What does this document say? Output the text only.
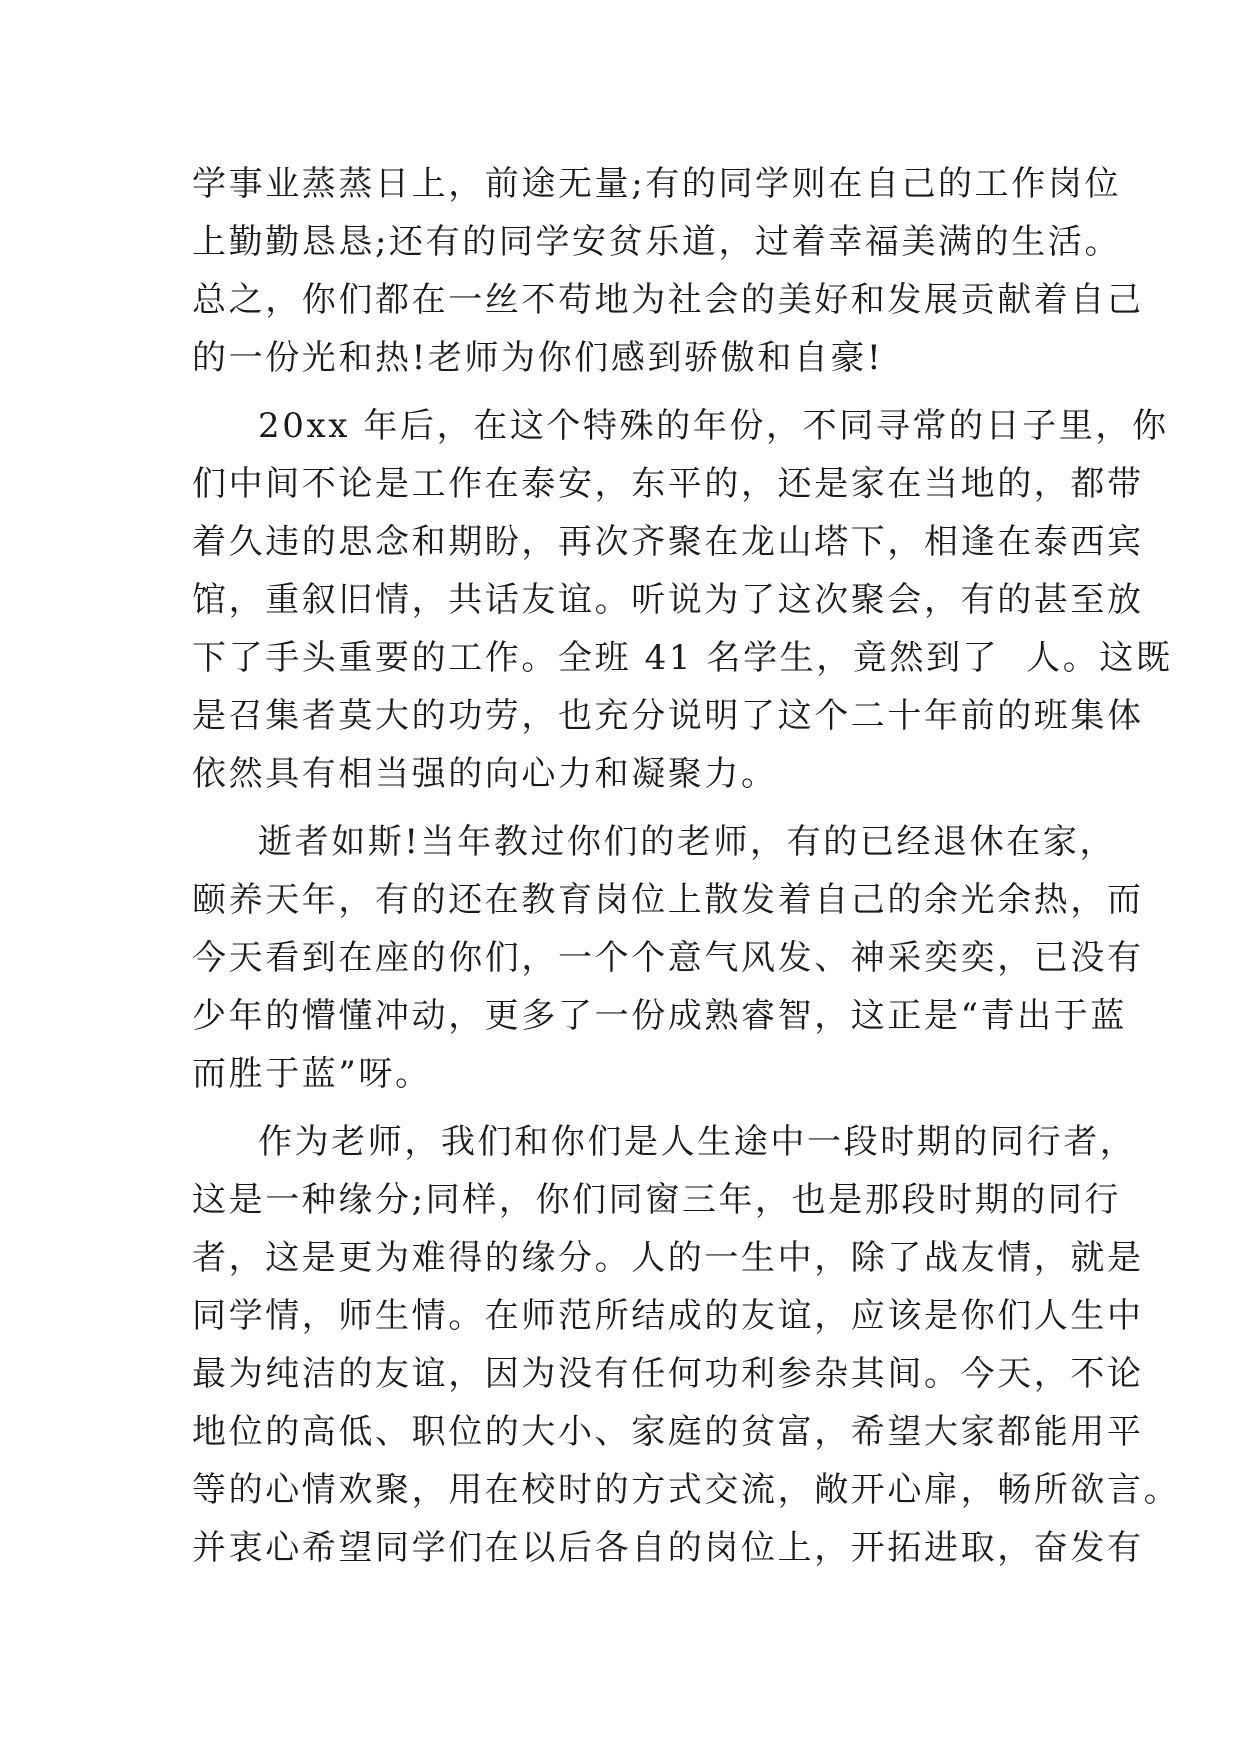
学事业蒸蒸日上，前途无量;有的同学则在自己的工作岗位
上勤勤恳恳;还有的同学安贫乐道，过着幸福美满的生活。
总之，你们都在一丝不苟地为社会的美好和发展贡献着自己
的一份光和热!老师为你们感到骄傲和自豪!
20xx 年后，在这个特殊的年份，不同寻常的日子里，你
们中间不论是工作在泰安，东平的，还是家在当地的，都带
着久违的思念和期盼，再次齐聚在龙山塔下，相逢在泰西宾
馆，重叙旧情，共话友谊。听说为了这次聚会，有的甚至放
下了手头重要的工作。全班 41 名学生，竟然到了  人。这既
是召集者莫大的功劳，也充分说明了这个二十年前的班集体
依然具有相当强的向心力和凝聚力。
逝者如斯!当年教过你们的老师，有的已经退休在家，
颐养天年，有的还在教育岗位上散发着自己的余光余热，而
今天看到在座的你们，一个个意气风发、神采奕奕，已没有
少年的懵懂冲动，更多了一份成熟睿智，这正是“青出于蓝
而胜于蓝”呀。
作为老师，我们和你们是人生途中一段时期的同行者，
这是一种缘分;同样，你们同窗三年，也是那段时期的同行
者，这是更为难得的缘分。人的一生中，除了战友情，就是
同学情，师生情。在师范所结成的友谊，应该是你们人生中
最为纯洁的友谊，因为没有任何功利参杂其间。今天，不论
地位的高低、职位的大小、家庭的贫富，希望大家都能用平
等的心情欢聚，用在校时的方式交流，敞开心扉，畅所欲言。
并衷心希望同学们在以后各自的岗位上，开拓进取，奋发有
